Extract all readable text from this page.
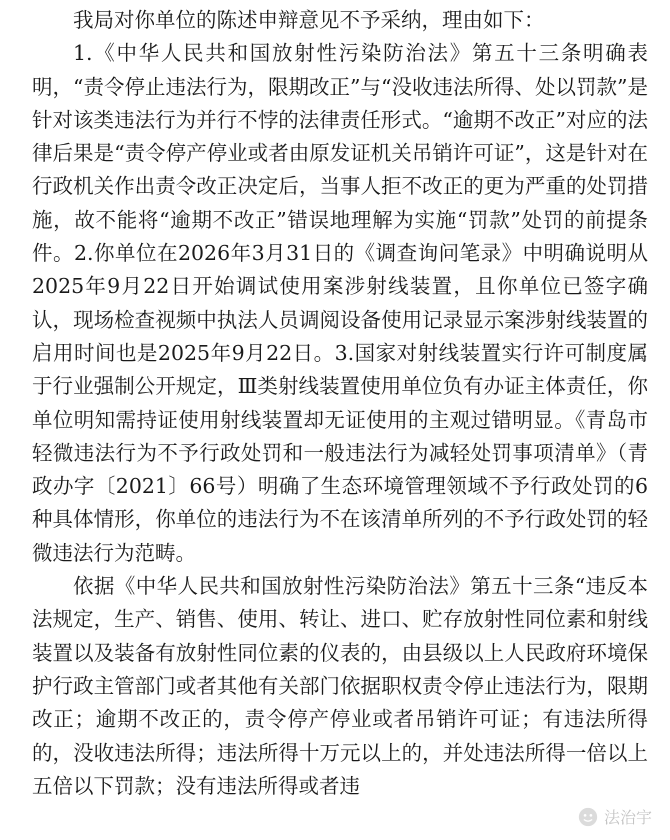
我局对你单位的陈述申辩意见不予采纳，理由如下：

1.《中华人民共和国放射性污染防治法》第五十三条明确表明，“责令停止违法行为，限期改正”与“没收违法所得、处以罚款”是针对该类违法行为并行不悖的法律责任形式。“逾期不改正”对应的法律后果是“责令停产停业或者由原发证机关吊销许可证”，这是针对在行政机关作出责令改正决定后，当事人拒不改正的更为严重的处罚措施，故不能将“逾期不改正”错误地理解为实施“罚款”处罚的前提条件。2.你单位在2026年3月31日的《调查询问笔录》中明确说明从2025年9月22日开始调试使用案涉射线装置，且你单位已签字确认，现场检查视频中执法人员调阅设备使用记录显示案涉射线装置的启用时间也是2025年9月22日。3.国家对射线装置实行许可制度属于行业强制公开规定，Ⅲ类射线装置使用单位负有办证主体责任，你单位明知需持证使用射线装置却无证使用的主观过错明显。《青岛市轻微违法行为不予行政处罚和一般违法行为减轻处罚事项清单》（青政办字〔2021〕66号）明确了生态环境管理领域不予行政处罚的6种具体情形，你单位的违法行为不在该清单所列的不予行政处罚的轻微违法行为范畴。

依据《中华人民共和国放射性污染防治法》第五十三条“违反本法规定，生产、销售、使用、转让、进口、贮存放射性同位素和射线装置以及装备有放射性同位素的仪表的，由县级以上人民政府环境保护行政主管部门或者其他有关部门依据职权责令停止违法行为，限期改正；逾期不改正的，责令停产停业或者吊销许可证；有违法所得的，没收违法所得；违法所得十万元以上的，并处违法所得一倍以上五倍以下罚款；没有违法所得或者违

法治宇
